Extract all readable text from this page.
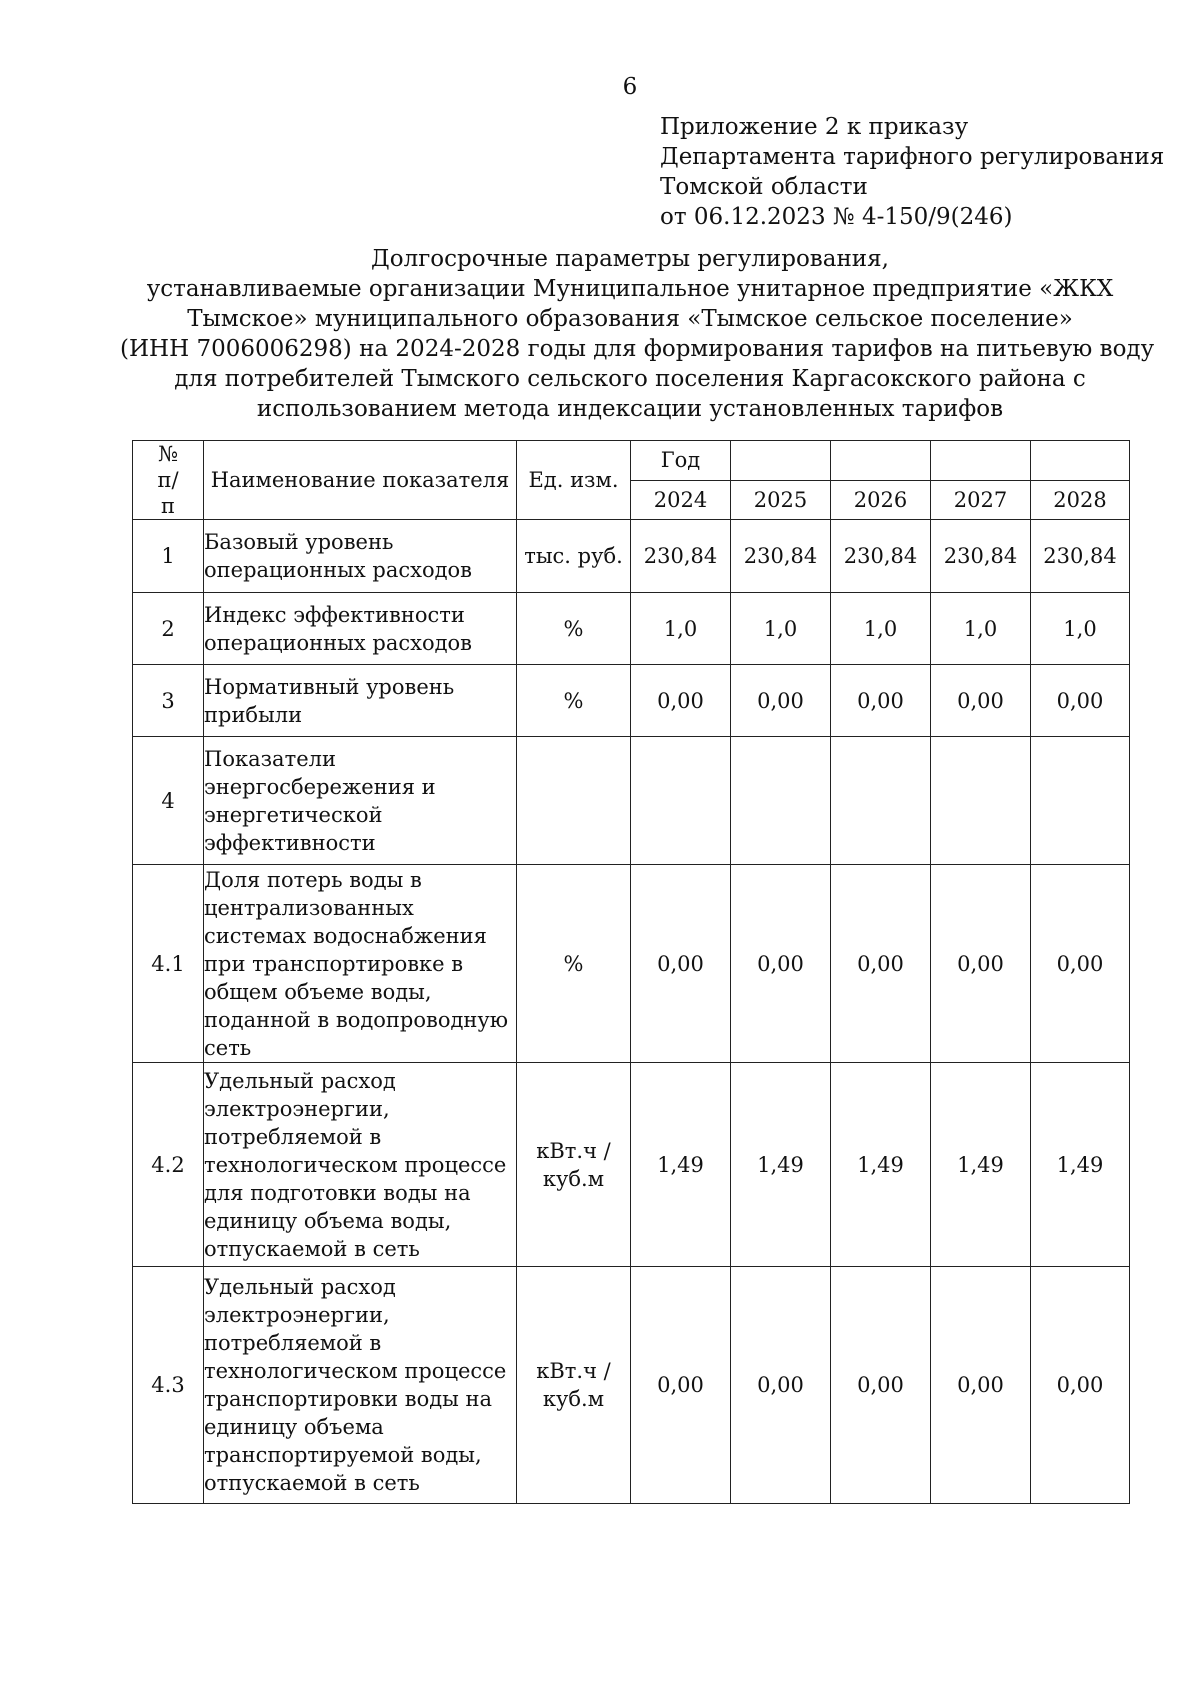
6
Приложение 2 к приказу
Департамента тарифного регулирования
Томской области
от 06.12.2023 № 4-150/9(246)
Долгосрочные параметры регулирования,
устанавливаемые организации Муниципальное унитарное предприятие «ЖКХ
Тымское» муниципального образования «Тымское сельское поселение»
(ИНН 7006006298) на 2024-2028 годы для формирования тарифов на питьевую воду
для потребителей Тымского сельского поселения Каргасокского района с
использованием метода индексации установленных тарифов
№ п/п	Наименование показателя	Ед. изм.	Год				
			2024	2025	2026	2027	2028
1	Базовый уровень операционных расходов	тыс. руб.	230,84	230,84	230,84	230,84	230,84
2	Индекс эффективности операционных расходов	%	1,0	1,0	1,0	1,0	1,0
3	Нормативный уровень прибыли	%	0,00	0,00	0,00	0,00	0,00
4	Показатели энергосбережения и энергетической эффективности						
4.1	Доля потерь воды в централизованных системах водоснабжения при транспортировке в общем объеме воды, поданной в водопроводную сеть	%	0,00	0,00	0,00	0,00	0,00
4.2	Удельный расход электроэнергии, потребляемой в технологическом процессе для подготовки воды на единицу объема воды, отпускаемой в сеть	кВт.ч / куб.м	1,49	1,49	1,49	1,49	1,49
4.3	Удельный расход электроэнергии, потребляемой в технологическом процессе транспортировки воды на единицу объема транспортируемой воды, отпускаемой в сеть	кВт.ч / куб.м	0,00	0,00	0,00	0,00	0,00
